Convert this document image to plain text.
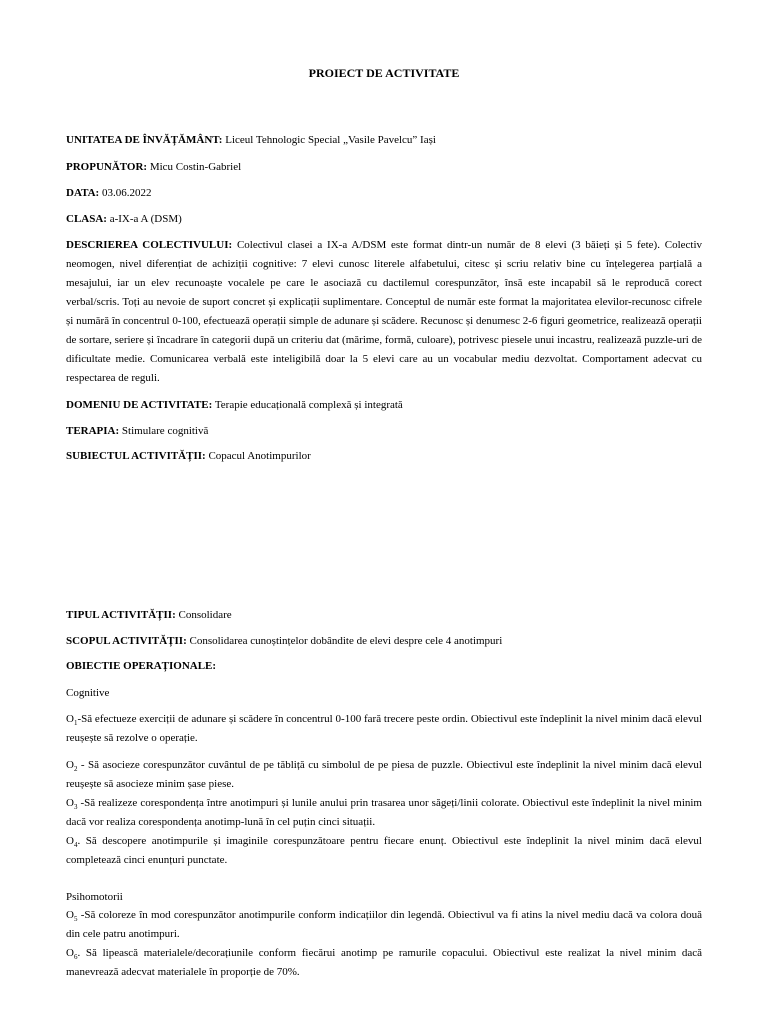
PROIECT DE ACTIVITATE
UNITATEA DE ÎNVĂȚĂMÂNT: Liceul Tehnologic Special „Vasile Pavelcu” Iași
PROPUNĂTOR: Micu Costin-Gabriel
DATA: 03.06.2022
CLASA: a-IX-a A (DSM)
DESCRIEREA COLECTIVULUI: Colectivul clasei a IX-a A/DSM este format dintr-un număr de 8 elevi (3 băieți și 5 fete). Colectiv neomogen, nivel diferențiat de achiziții cognitive: 7 elevi cunosc literele alfabetului, citesc și scriu relativ bine cu înțelegerea parțială a mesajului, iar un elev recunoaște vocalele pe care le asociază cu dactilemul corespunzător, însă este incapabil să le reproducă corect verbal/scris. Toți au nevoie de suport concret și explicații suplimentare. Conceptul de număr este format la majoritatea elevilor-recunosc cifrele și numără în concentrul 0-100, efectuează operații simple de adunare și scădere. Recunosc și denumesc 2-6 figuri geometrice, realizează operații de sortare, seriere și încadrare în categorii după un criteriu dat (mărime, formă, culoare), potrivesc piesele unui incastru, realizează puzzle-uri de dificultate medie. Comunicarea verbală este inteligibilă doar la 5 elevi care au un vocabular mediu dezvoltat. Comportament adecvat cu respectarea de reguli.
DOMENIU DE ACTIVITATE: Terapie educațională complexă și integrată
TERAPIA: Stimulare cognitivă
SUBIECTUL ACTIVITĂȚII: Copacul Anotimpurilor
TIPUL ACTIVITĂȚII: Consolidare
SCOPUL ACTIVITĂȚII: Consolidarea cunoștințelor dobândite de elevi despre cele 4 anotimpuri
OBIECTIE OPERAȚIONALE:
Cognitive
$O_1-Să$ efectueze exerciții de adunare și scădere în concentrul 0-100 fară trecere peste ordin. Obiectivul este îndeplinit la nivel minim dacă elevul reușește să rezolve o operație.
$O_2$ - Să asocieze corespunzător cuvântul de pe tăbliță cu simbolul de pe piesa de puzzle. Obiectivul este îndeplinit la nivel minim dacă elevul reușește să asocieze minim șase piese.
$O_3$ -Să realizeze corespondența între anotimpuri și lunile anului prin trasarea unor săgeți/linii colorate. Obiectivul este îndeplinit la nivel minim dacă vor realiza corespondența anotimp-lună în cel puțin cinci situații.
$O_4$. Să descopere anotimpurile și imaginile corespunzătoare pentru fiecare enunț. Obiectivul este îndeplinit la nivel minim dacă elevul completează cinci enunțuri punctate.
Psihomotorii
$O_5$ -Să coloreze în mod corespunzător anotimpurile conform indicațiilor din legendă. Obiectivul va fi atins la nivel mediu dacă va colora două din cele patru anotimpuri.
$O_6$. Să lipească materialele/decorațiunile conform fiecărui anotimp pe ramurile copacului. Obiectivul este realizat la nivel minim dacă manevrează adecvat materialele în proporție de 70%.
